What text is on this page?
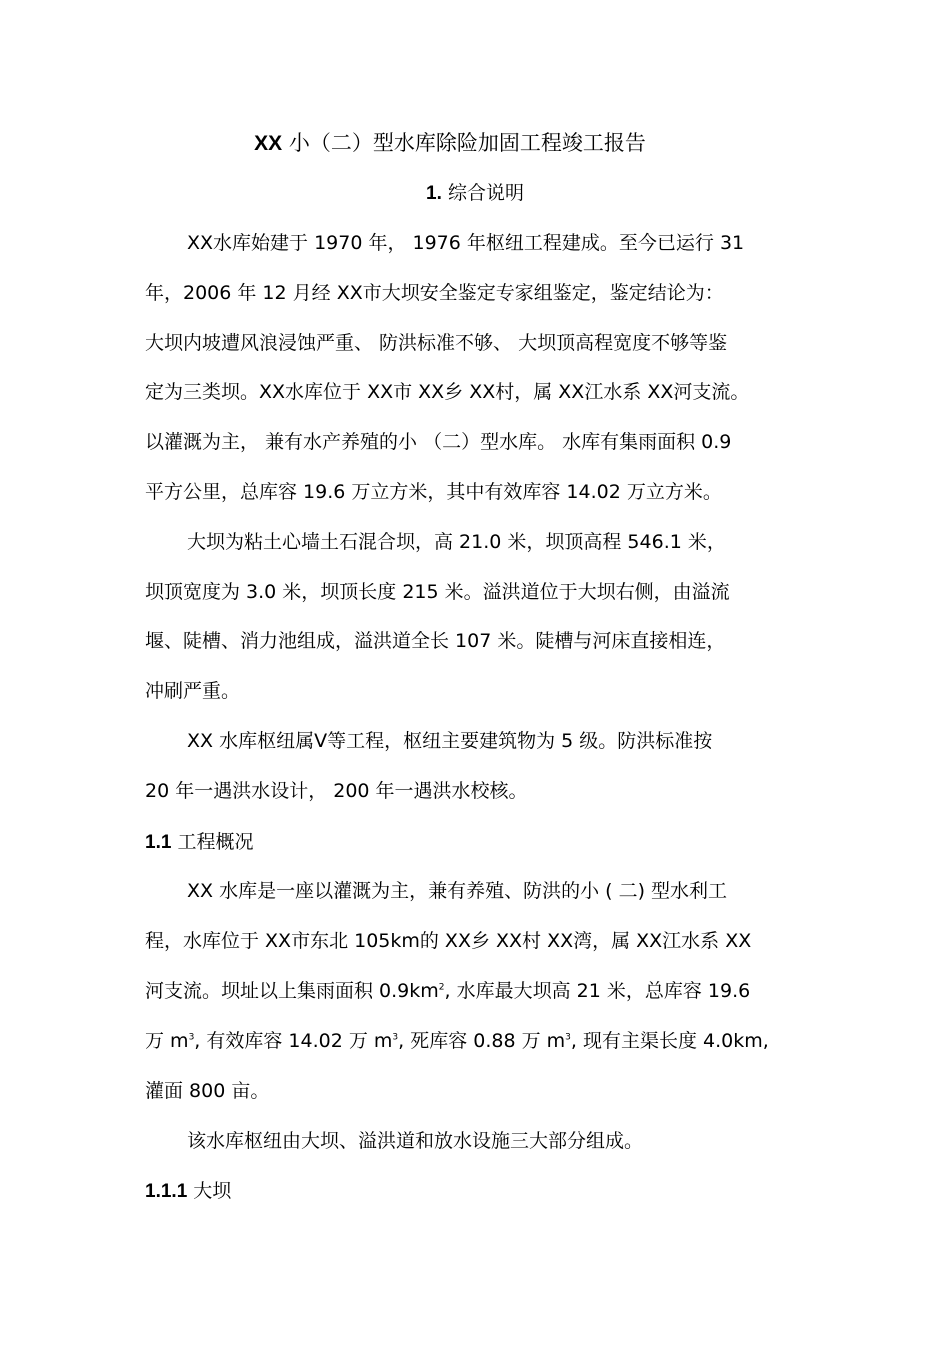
XX 小（二）型水库除险加固工程竣工报告
1. 综合说明
XX水库始建于 1970 年， 1976 年枢纽工程建成。至今已运行 31
年，2006 年 12 月经 XX市大坝安全鉴定专家组鉴定，鉴定结论为：
大坝内坡遭风浪浸蚀严重、 防洪标准不够、 大坝顶高程宽度不够等鉴
定为三类坝。XX水库位于 XX市 XX乡 XX村，属 XX江水系 XX河支流。
以灌溉为主， 兼有水产养殖的小 （二）型水库。 水库有集雨面积 0.9
平方公里，总库容 19.6 万立方米，其中有效库容 14.02 万立方米。
大坝为粘土心墙土石混合坝，高 21.0 米，坝顶高程 546.1 米，
坝顶宽度为 3.0 米，坝顶长度 215 米。溢洪道位于大坝右侧，由溢流
堰、陡槽、消力池组成，溢洪道全长 107 米。陡槽与河床直接相连，
冲刷严重。
XX 水库枢纽属Ⅴ等工程，枢纽主要建筑物为 5 级。防洪标准按
20 年一遇洪水设计， 200 年一遇洪水校核。
1.1 工程概况
XX 水库是一座以灌溉为主，兼有养殖、防洪的小 ( 二) 型水利工
程，水库位于 XX市东北 105km的 XX乡 XX村 XX湾，属 XX江水系 XX
河支流。坝址以上集雨面积 $0.9km^2$, 水库最大坝高 21 米，总库容 19.6
万 $m^3$, 有效库容 14.02 万 $m^3$, 死库容 0.88 万 $m^3$, 现有主渠长度 4.0km,
灌面 800 亩。
该水库枢纽由大坝、溢洪道和放水设施三大部分组成。
1.1.1 大坝
